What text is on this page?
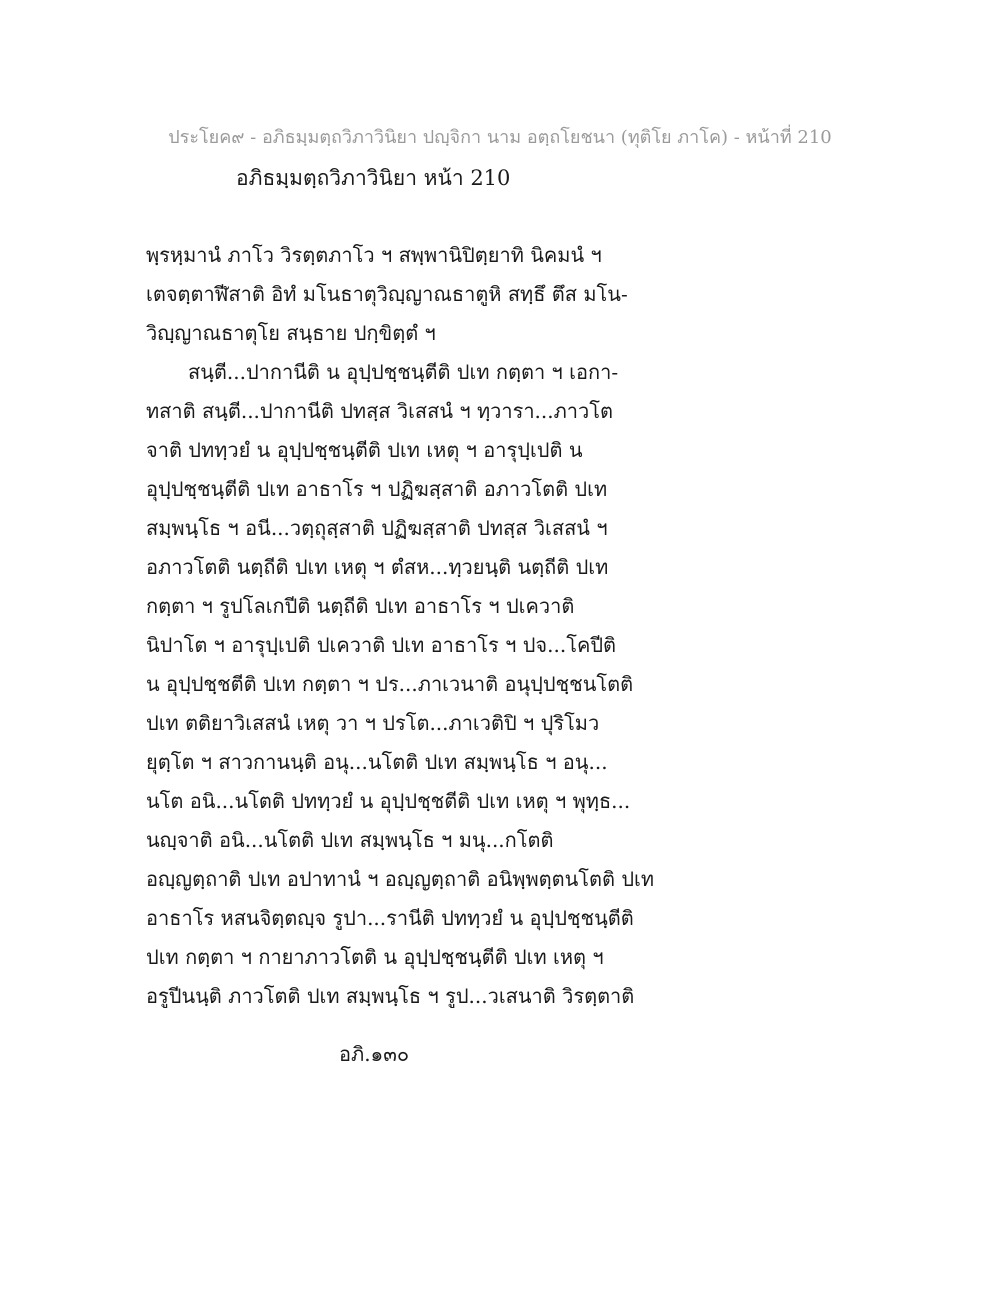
ประโยค๙ - อภิธมฺมตฺถวิภาวินิยา ปญฺจิกา นาม อตฺถโยชนา (ทุติโย ภาโค) - หน้าที่ 210
อภิธมฺมตฺถวิภาวินิยา หน้า 210
พฺรหฺมานํ ภาโว วิรตฺตภาโว ฯ สพฺพานิปิตฺยาทิ นิคมนํ ฯ
เตจตฺตาฬีสาติ อิทํ มโนธาตุวิญฺญาณธาตูหิ สทฺธึ ตึส มโน-
วิญฺญาณธาตุโย สนฺธาย ปกฺขิตฺตํ ฯ
สนฺตี...ปากานีติ น อุปฺปชฺชนฺตีติ ปเท กตฺตา ฯ เอกา-
ทสาติ สนฺตี...ปากานีติ ปทสฺส วิเสสนํ ฯ ทฺวารา...ภาวโต
จาติ ปททฺวยํ น อุปฺปชฺชนฺตีติ ปเท เหตุ ฯ อารุปฺเปติ น
อุปฺปชฺชนฺตีติ ปเท อาธาโร ฯ ปฏิฆสฺสาติ อภาวโตติ ปเท
สมฺพนฺโธ ฯ อนี...วตฺถุสฺสาติ ปฏิฆสฺสาติ ปทสฺส วิเสสนํ ฯ
อภาวโตติ นตฺถีติ ปเท เหตุ ฯ ตํสห...ทฺวยนฺติ นตฺถีติ ปเท
กตฺตา ฯ รูปโลเกปีติ นตฺถีติ ปเท อาธาโร ฯ ปเควาติ
นิปาโต ฯ อารุปฺเปติ ปเควาติ ปเท อาธาโร ฯ ปจ...โคปีติ
น อุปฺปชฺชตีติ ปเท กตฺตา ฯ ปร...ภาเวนาติ อนุปฺปชฺชนโตติ
ปเท ตติยาวิเสสนํ เหตุ วา ฯ ปรโต...ภาเวติปิ ฯ ปุริโมว
ยุตฺโต ฯ สาวกานนฺติ อนุ...นโตติ ปเท สมฺพนฺโธ ฯ อนุ...
นโต อนิ...นโตติ ปททฺวยํ น อุปฺปชฺชตีติ ปเท เหตุ ฯ พุทฺธ...
นญฺจาติ อนิ...นโตติ ปเท สมฺพนฺโธ ฯ มนุ...กโตติ
อญฺญตฺถาติ ปเท อปาทานํ ฯ อญฺญตฺถาติ อนิพฺพตฺตนโตติ ปเท
อาธาโร หสนจิตฺตญฺจ รูปา...รานีติ ปททฺวยํ น อุปฺปชฺชนฺตีติ
ปเท กตฺตา ฯ กายาภาวโตติ น อุปฺปชฺชนฺตีติ ปเท เหตุ ฯ
อรูปีนนฺติ ภาวโตติ ปเท สมฺพนฺโธ ฯ รูป...วเสนาติ วิรตฺตาติ
อภิ.๑๓๐
